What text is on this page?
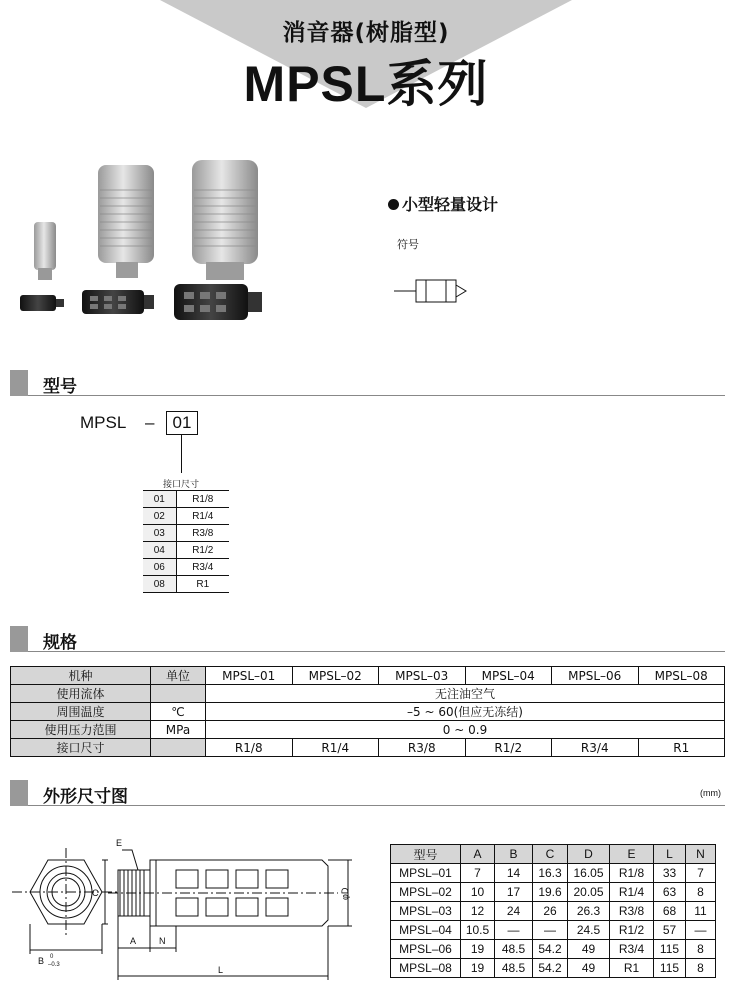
消音器(树脂型)
MPSL系列
小型轻量设计
符号
型号
MPSL –	01
接口尺寸
01	R1/8
02	R1/4
03	R3/8
04	R1/2
06	R3/4
08	R1
规格
机种	单位	MPSL–01	MPSL–02	MPSL–03	MPSL–04	MPSL–06	MPSL–08
使用流体		无注油空气					
周围温度	℃	–5 ~ 60(但应无冻结)					
使用压力范围	MPa	0 ~ 0.9					
接口尺寸		R1/8	R1/4	R3/8	R1/2	R3/4	R1
外形尺寸图	(mm)
E
C
B 0
–0.3
A	N
L
φD
型号	A	B	C	D	E	L	N
MPSL–01	7	14	16.3	16.05	R1/8	33	7
MPSL–02	10	17	19.6	20.05	R1/4	63	8
MPSL–03	12	24	26	26.3	R3/8	68	11
MPSL–04	10.5	—	—	24.5	R1/2	57	—
MPSL–06	19	48.5	54.2	49	R3/4	115	8
MPSL–08	19	48.5	54.2	49	R1	115	8
